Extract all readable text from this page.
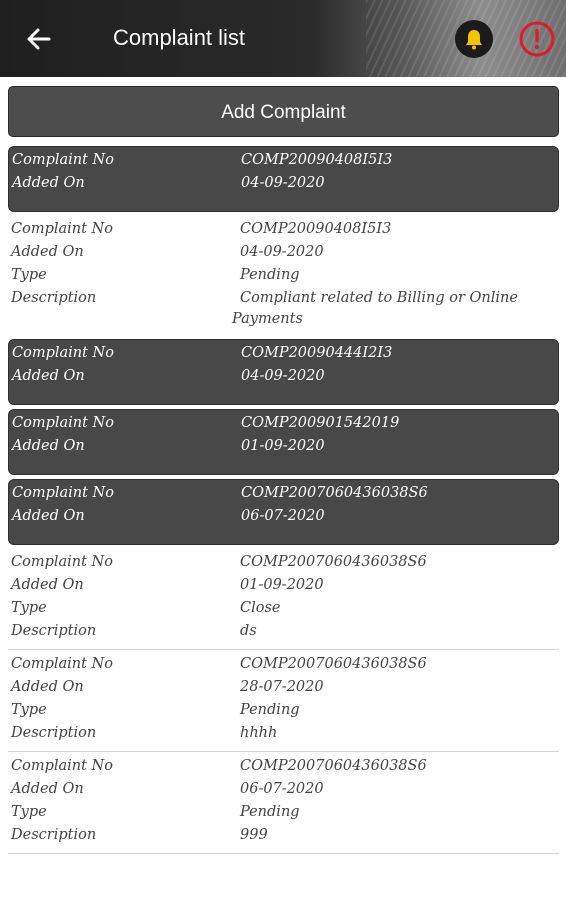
Complaint list
Add Complaint
Complaint No	COMP20090408I5I3
Added On	04-09-2020
Complaint No	COMP20090408I5I3
Added On	04-09-2020
Type	Pending
Description	Compliant related to Billing or Online
Payments
Complaint No	COMP20090444I2I3
Added On	04-09-2020
Complaint No	COMP200901542019
Added On	01-09-2020
Complaint No	COMP2007060436038S6
Added On	06-07-2020
Complaint No	COMP2007060436038S6
Added On	01-09-2020
Type	Close
Description	ds
Complaint No	COMP2007060436038S6
Added On	28-07-2020
Type	Pending
Description	hhhh
Complaint No	COMP2007060436038S6
Added On	06-07-2020
Type	Pending
Description	999
